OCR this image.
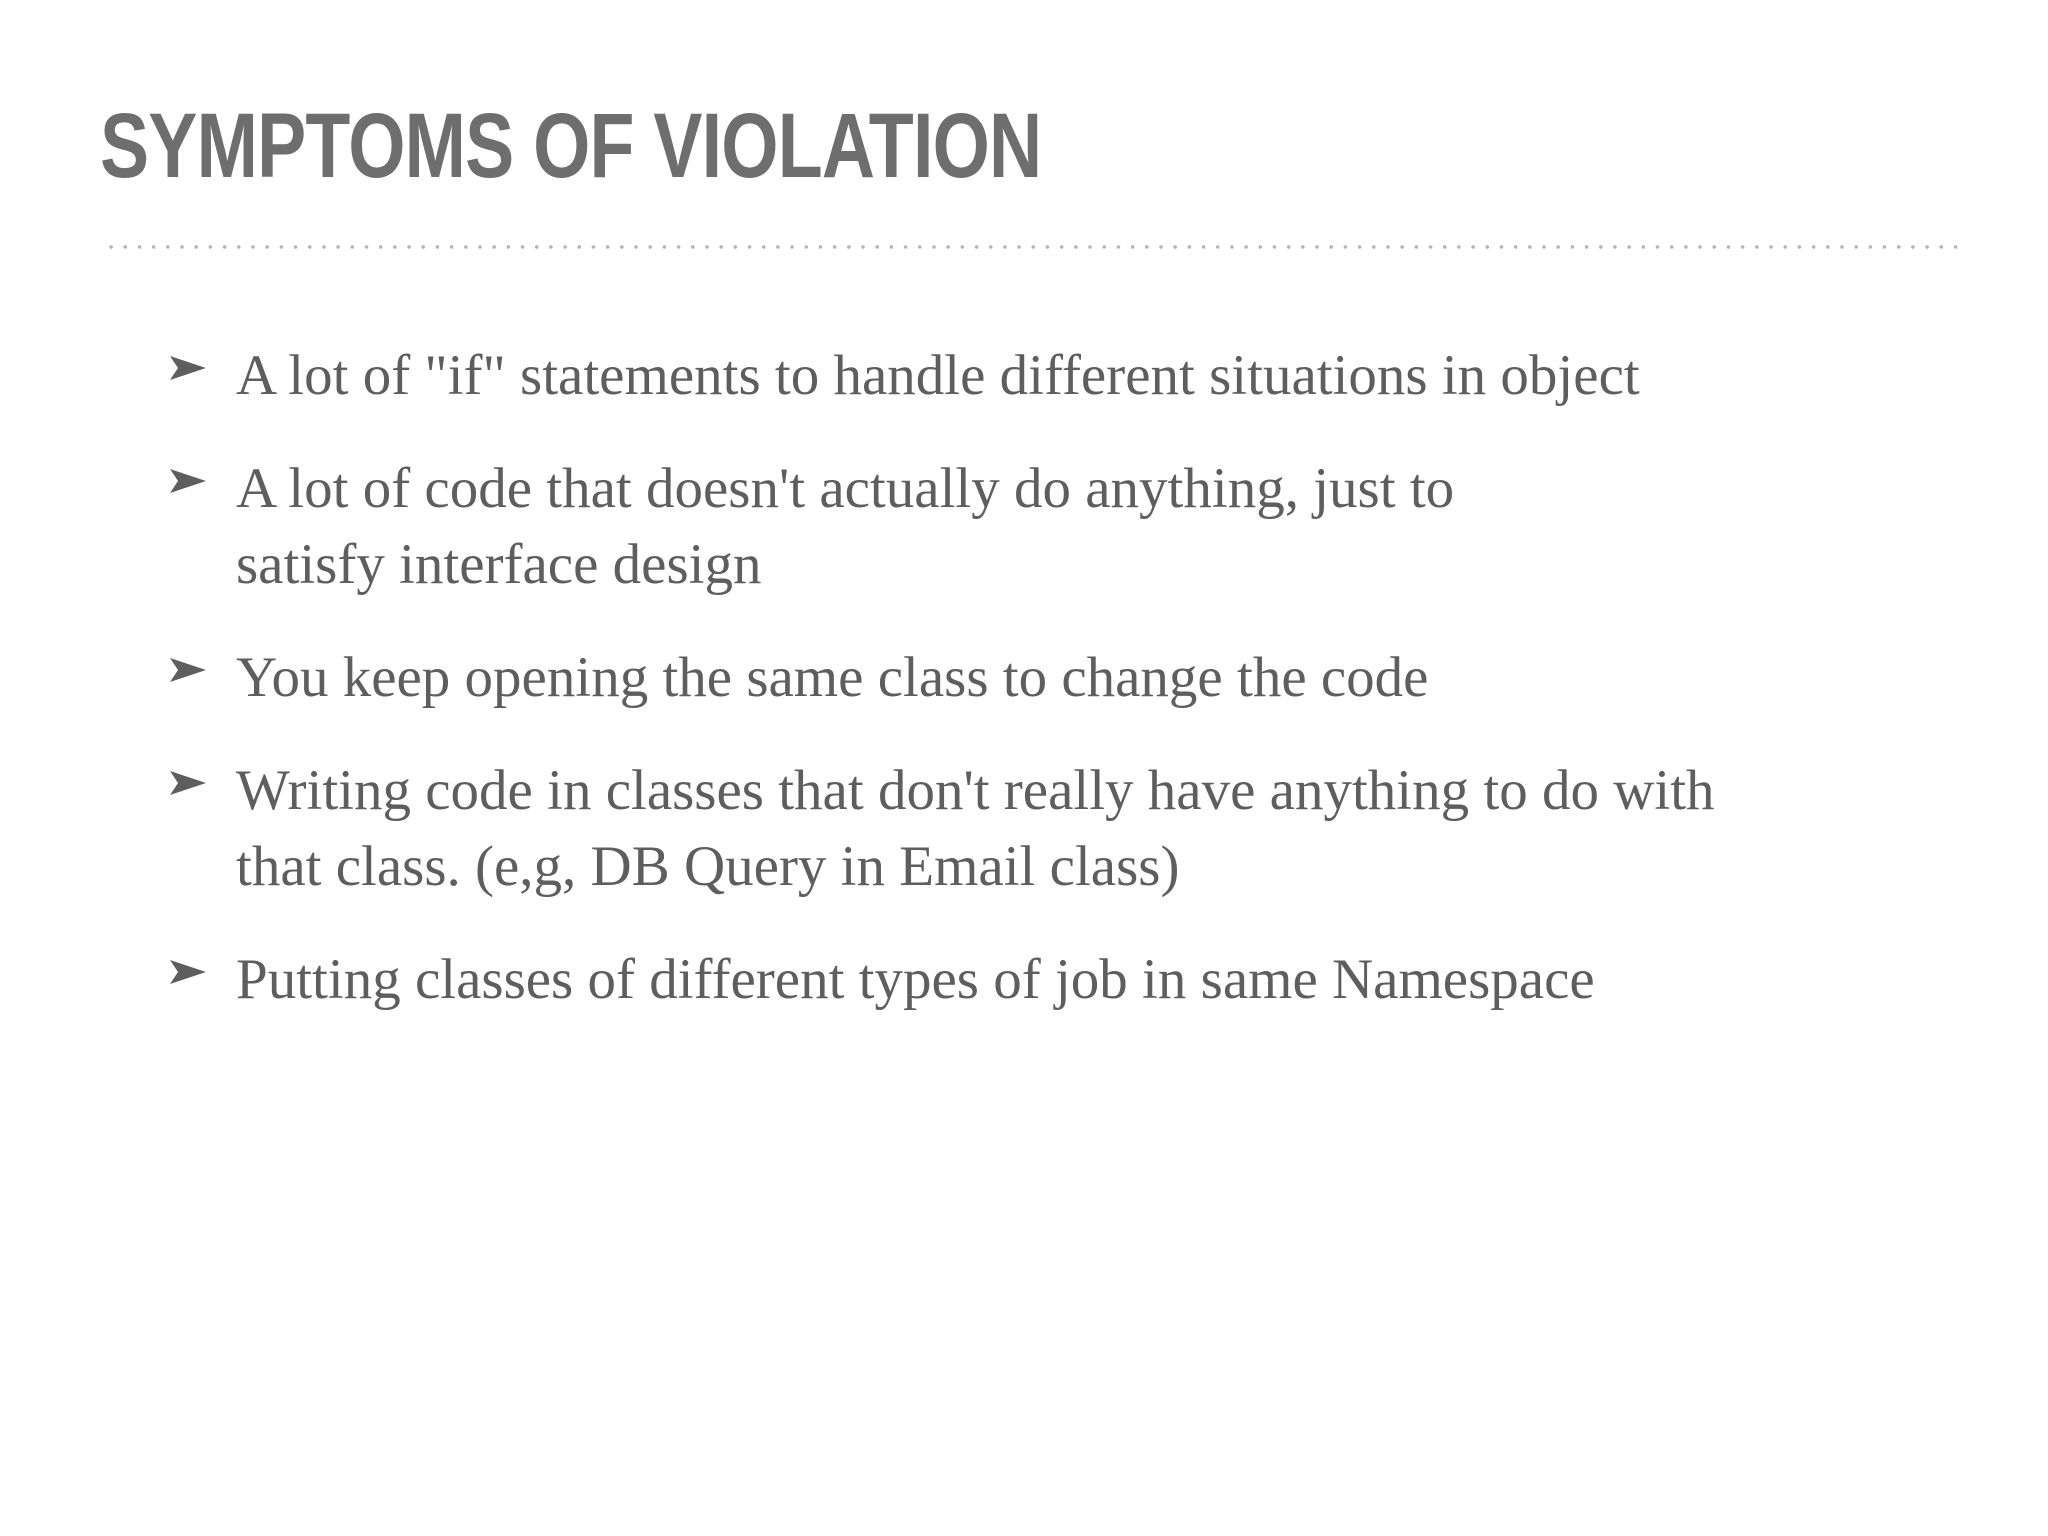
SYMPTOMS OF VIOLATION
A lot of "if" statements to handle different situations in object
A lot of code that doesn't actually do anything, just to
satisfy interface design
You keep opening the same class to change the code
Writing code in classes that don't really have anything to do with
that class. (e,g, DB Query in Email class)
Putting classes of different types of job in same Namespace
